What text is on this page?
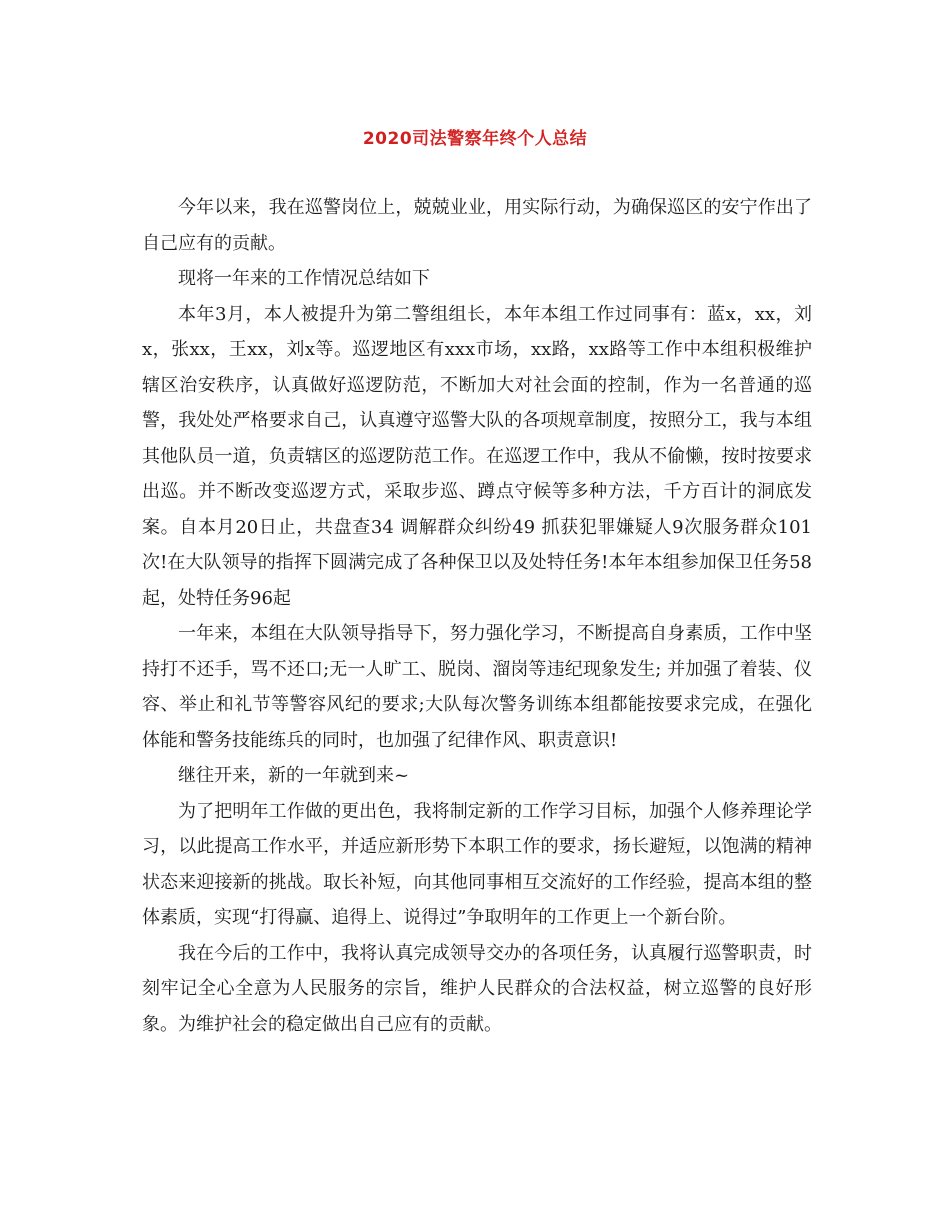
2020司法警察年终个人总结

今年以来，我在巡警岗位上，兢兢业业，用实际行动，为确保巡区的安宁作出了自己应有的贡献。

现将一年来的工作情况总结如下

本年3月，本人被提升为第二警组组长，本年本组工作过同事有：蓝x，xx，刘x，张xx，王xx，刘x等。巡逻地区有xxx市场，xx路，xx路等工作中本组积极维护辖区治安秩序，认真做好巡逻防范，不断加大对社会面的控制，作为一名普通的巡警，我处处严格要求自己，认真遵守巡警大队的各项规章制度，按照分工，我与本组其他队员一道，负责辖区的巡逻防范工作。在巡逻工作中，我从不偷懒，按时按要求出巡。并不断改变巡逻方式，采取步巡、蹲点守候等多种方法，千方百计的洞底发案。自本月20日止，共盘查34 调解群众纠纷49 抓获犯罪嫌疑人9次服务群众101次!在大队领导的指挥下圆满完成了各种保卫以及处特任务!本年本组参加保卫任务58起，处特任务96起

一年来，本组在大队领导指导下，努力强化学习，不断提高自身素质，工作中坚持打不还手，骂不还口;无一人旷工、脱岗、溜岗等违纪现象发生; 并加强了着装、仪容、举止和礼节等警容风纪的要求;大队每次警务训练本组都能按要求完成，在强化体能和警务技能练兵的同时，也加强了纪律作风、职责意识!

继往开来，新的一年就到来~

为了把明年工作做的更出色，我将制定新的工作学习目标，加强个人修养理论学习，以此提高工作水平，并适应新形势下本职工作的要求，扬长避短，以饱满的精神状态来迎接新的挑战。取长补短，向其他同事相互交流好的工作经验，提高本组的整体素质，实现“打得赢、追得上、说得过”争取明年的工作更上一个新台阶。

我在今后的工作中，我将认真完成领导交办的各项任务，认真履行巡警职责，时刻牢记全心全意为人民服务的宗旨，维护人民群众的合法权益，树立巡警的良好形象。为维护社会的稳定做出自己应有的贡献。
